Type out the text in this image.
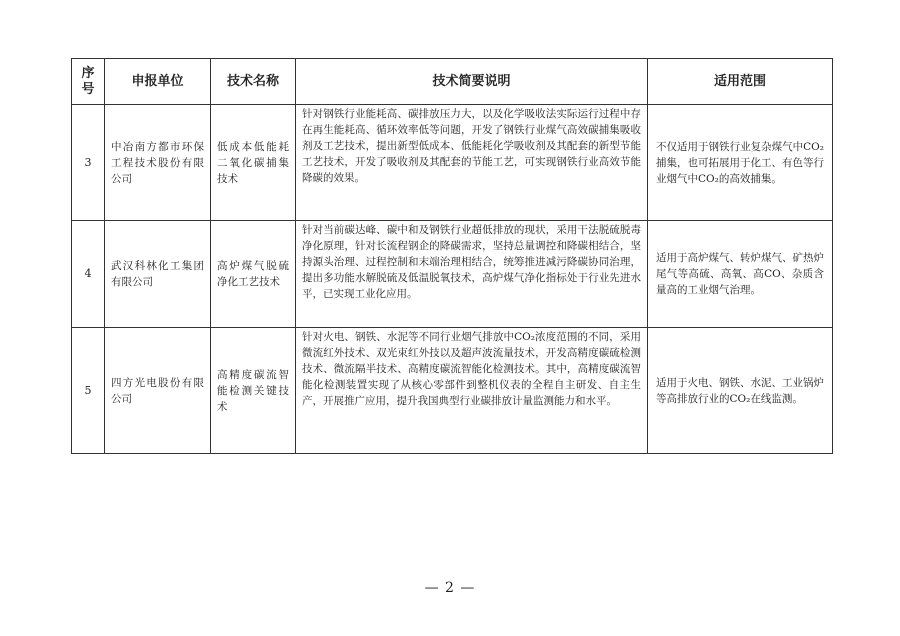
序号	申报单位	技术名称	技术简要说明	适用范围
3	中冶南方都市环保工程技术股份有限公司	低成本低能耗二氧化碳捕集技术	针对钢铁行业能耗高、碳排放压力大，以及化学吸收法实际运行过程中存在再生能耗高、循环效率低等问题，开发了钢铁行业煤气高效碳捕集吸收剂及工艺技术，提出新型低成本、低能耗化学吸收剂及其配套的新型节能工艺技术，开发了吸收剂及其配套的节能工艺，可实现钢铁行业高效节能降碳的效果。	不仅适用于钢铁行业复杂煤气中CO₂捕集，也可拓展用于化工、有色等行业烟气中CO₂的高效捕集。
4	武汉科林化工集团有限公司	高炉煤气脱硫净化工艺技术	针对当前碳达峰、碳中和及钢铁行业超低排放的现状，采用干法脱硫脱毒净化原理，针对长流程钢企的降碳需求，坚持总量调控和降碳相结合，坚持源头治理、过程控制和末端治理相结合，统筹推进减污降碳协同治理，提出多功能水解脱硫及低温脱氧技术，高炉煤气净化指标处于行业先进水平，已实现工业化应用。	适用于高炉煤气、转炉煤气、矿热炉尾气等高硫、高氧、高CO、杂质含量高的工业烟气治理。
5	四方光电股份有限公司	高精度碳流智能检测关键技术	针对火电、钢铁、水泥等不同行业烟气排放中CO₂浓度范围的不同，采用微流红外技术、双光束红外技以及超声波流量技术，开发高精度碳硫检测技术、微流隔半技术、高精度碳流智能化检测技术。其中，高精度碳流智能化检测装置实现了从核心零部件到整机仪表的全程自主研发、自主生产，开展推广应用，提升我国典型行业碳排放计量监测能力和水平。	适用于火电、钢铁、水泥、工业锅炉等高排放行业的CO₂在线监测。
— 2 —
